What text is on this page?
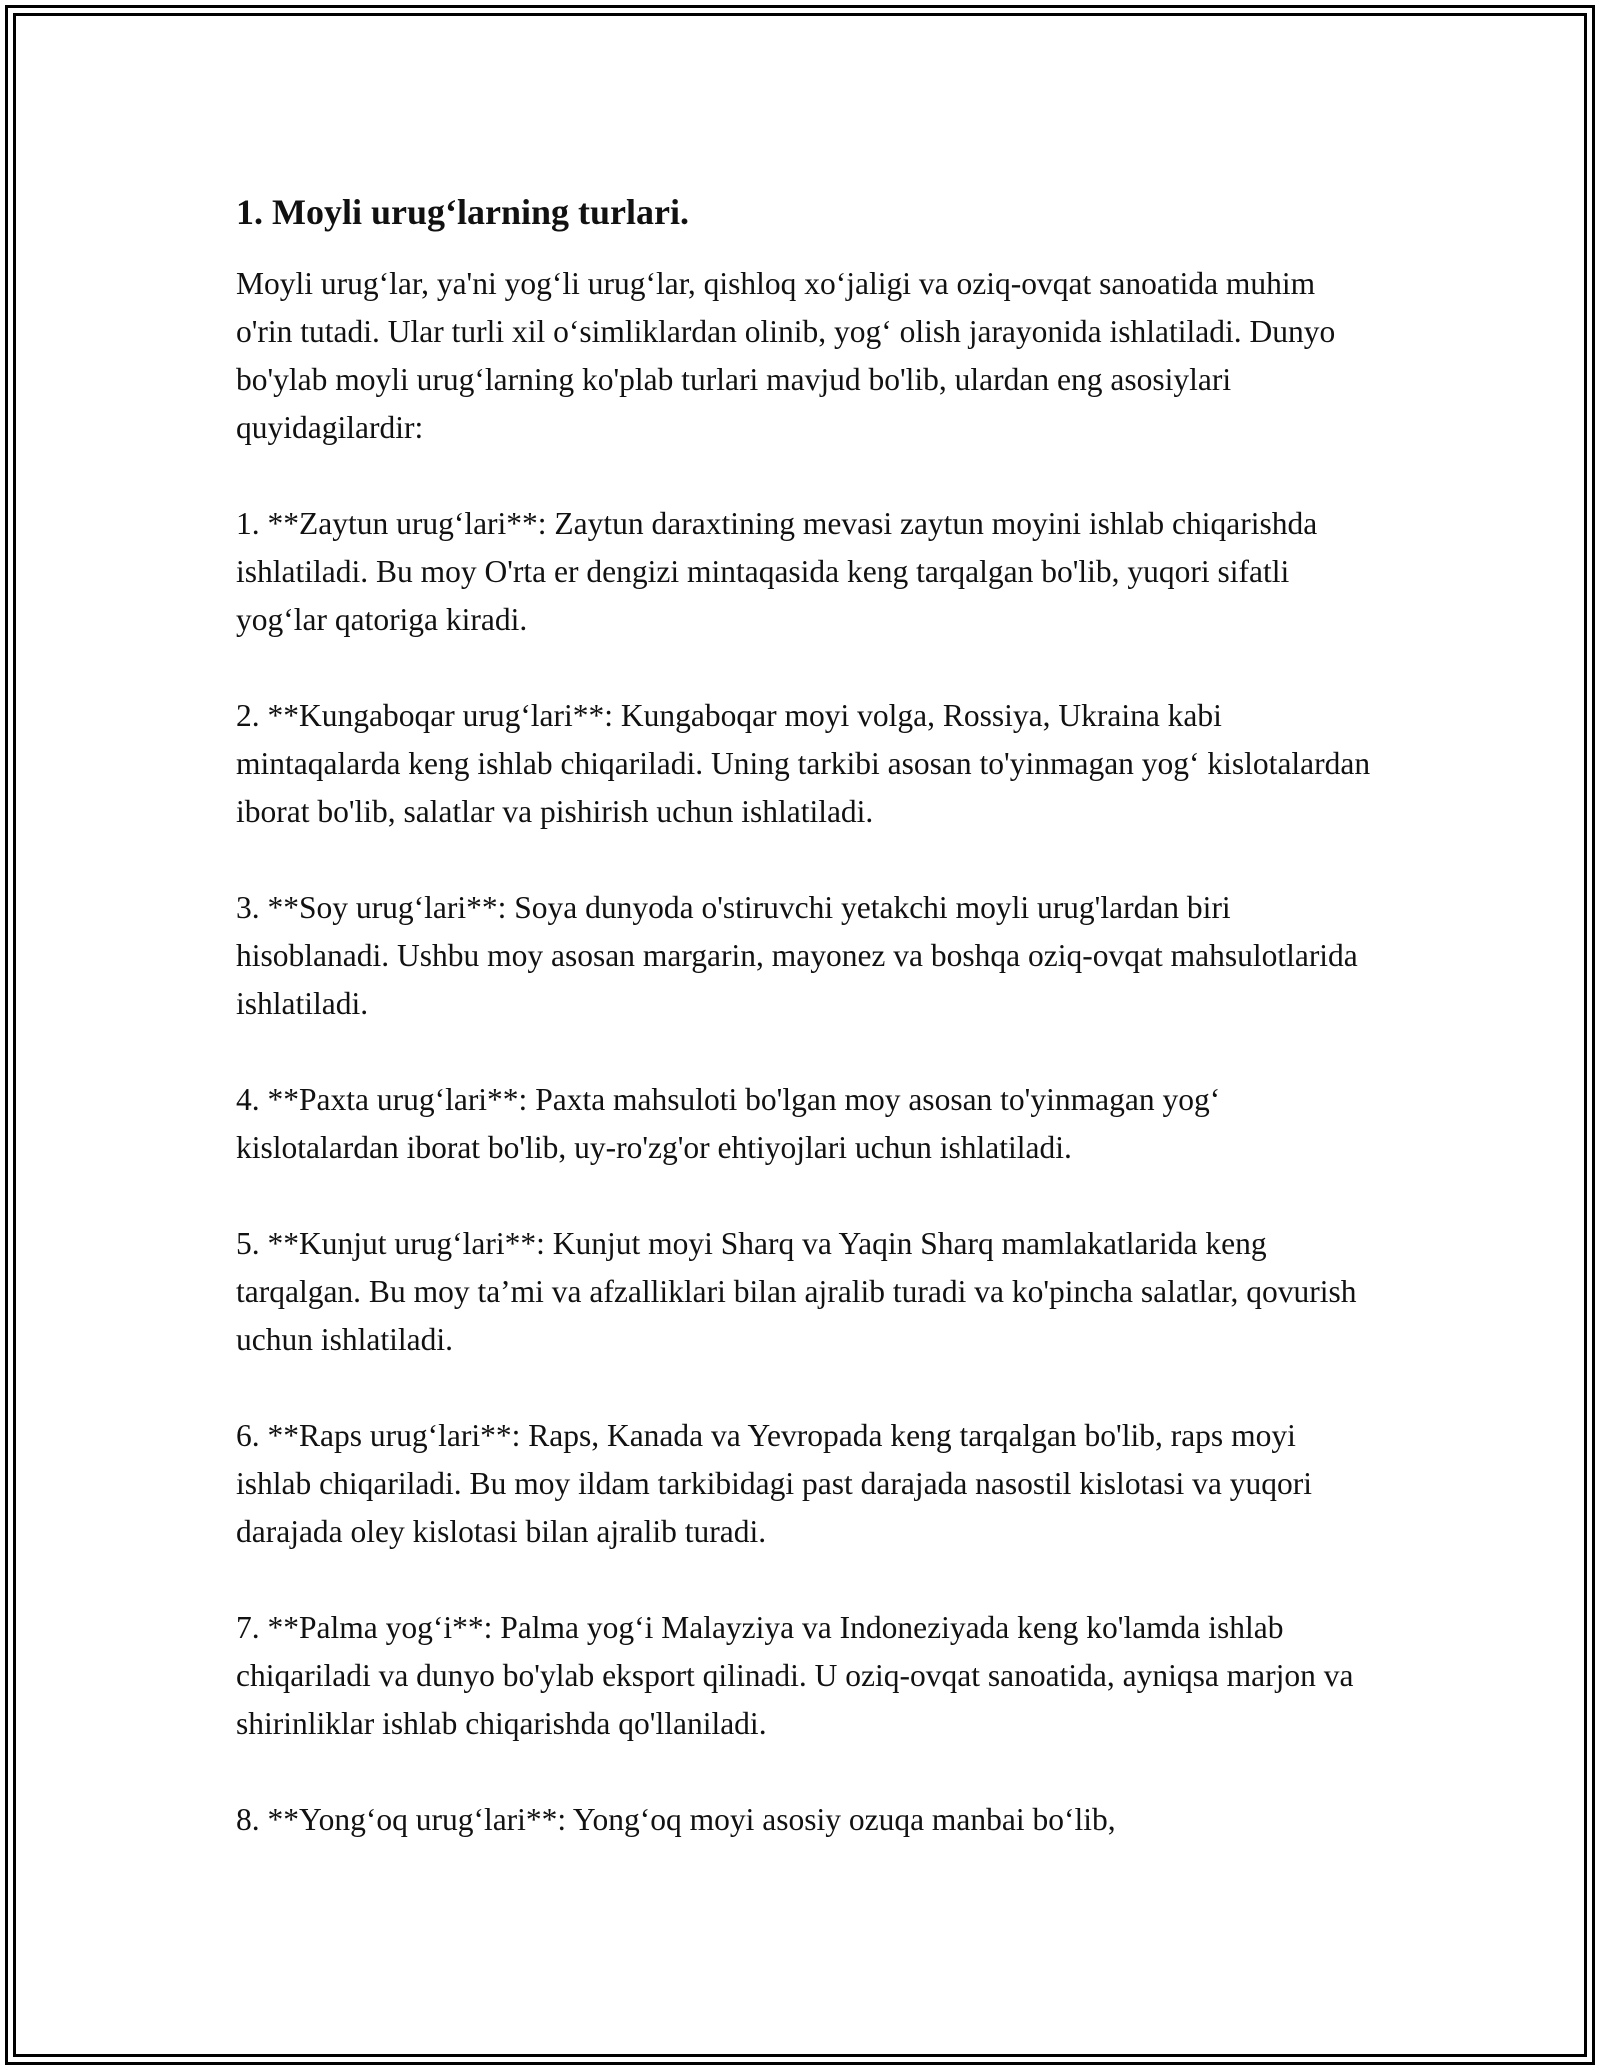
1. Moyli urug‘larning turlari.

Moyli urug‘lar, ya'ni yog‘li urug‘lar, qishloq xo‘jaligi va oziq-ovqat sanoatida muhim o'rin tutadi. Ular turli xil o‘simliklardan olinib, yog‘ olish jarayonida ishlatiladi. Dunyo bo'ylab moyli urug‘larning ko'plab turlari mavjud bo'lib, ulardan eng asosiylari quyidagilardir:

1. **Zaytun urug‘lari**: Zaytun daraxtining mevasi zaytun moyini ishlab chiqarishda ishlatiladi. Bu moy O'rta er dengizi mintaqasida keng tarqalgan bo'lib, yuqori sifatli yog‘lar qatoriga kiradi.

2. **Kungaboqar urug‘lari**: Kungaboqar moyi volga, Rossiya, Ukraina kabi mintaqalarda keng ishlab chiqariladi. Uning tarkibi asosan to'yinmagan yog‘ kislotalardan iborat bo'lib, salatlar va pishirish uchun ishlatiladi.

3. **Soy urug‘lari**: Soya dunyoda o'stiruvchi yetakchi moyli urug'lardan biri hisoblanadi. Ushbu moy asosan margarin, mayonez va boshqa oziq-ovqat mahsulotlarida ishlatiladi.

4. **Paxta urug‘lari**: Paxta mahsuloti bo'lgan moy asosan to'yinmagan yog‘ kislotalardan iborat bo'lib, uy-ro'zg'or ehtiyojlari uchun ishlatiladi.

5. **Kunjut urug‘lari**: Kunjut moyi Sharq va Yaqin Sharq mamlakatlarida keng tarqalgan. Bu moy ta’mi va afzalliklari bilan ajralib turadi va ko'pincha salatlar, qovurish uchun ishlatiladi.

6. **Raps urug‘lari**: Raps, Kanada va Yevropada keng tarqalgan bo'lib, raps moyi ishlab chiqariladi. Bu moy ildam tarkibidagi past darajada nasostil kislotasi va yuqori darajada oley kislotasi bilan ajralib turadi.

7. **Palma yog‘i**: Palma yog‘i Malayziya va Indoneziyada keng ko'lamda ishlab chiqariladi va dunyo bo'ylab eksport qilinadi. U oziq-ovqat sanoatida, ayniqsa marjon va shirinliklar ishlab chiqarishda qo'llaniladi.

8. **Yong‘oq urug‘lari**: Yong‘oq moyi asosiy ozuqa manbai bo‘lib,
